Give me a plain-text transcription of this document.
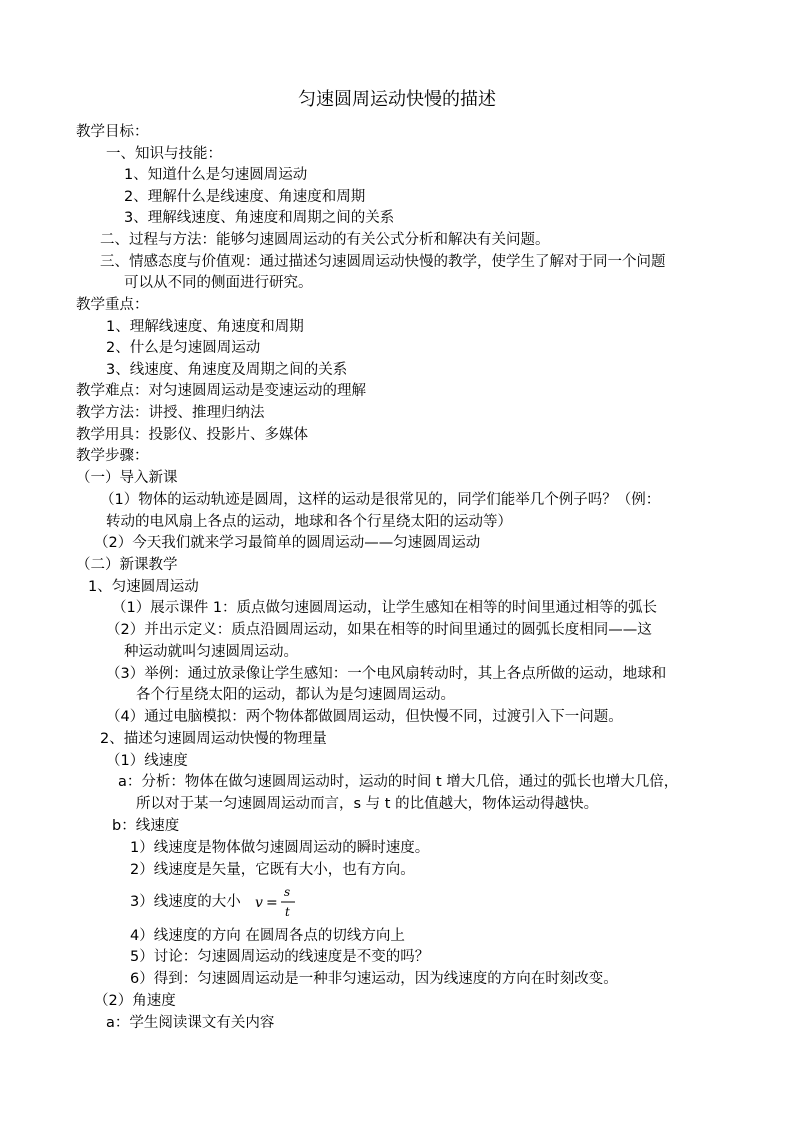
匀速圆周运动快慢的描述
教学目标：
一、知识与技能：
1、知道什么是匀速圆周运动
2、理解什么是线速度、角速度和周期
3、理解线速度、角速度和周期之间的关系
二、过程与方法：能够匀速圆周运动的有关公式分析和解决有关问题。
三、情感态度与价值观：通过描述匀速圆周运动快慢的教学，使学生了解对于同一个问题
可以从不同的侧面进行研究。
教学重点：
1、理解线速度、角速度和周期
2、什么是匀速圆周运动
3、线速度、角速度及周期之间的关系
教学难点：对匀速圆周运动是变速运动的理解
教学方法：讲授、推理归纳法
教学用具：投影仪、投影片、多媒体
教学步骤：
（一）导入新课
（1）物体的运动轨迹是圆周，这样的运动是很常见的，同学们能举几个例子吗？（例：
转动的电风扇上各点的运动，地球和各个行星绕太阳的运动等）
（2）今天我们就来学习最简单的圆周运动——匀速圆周运动
（二）新课教学
1、匀速圆周运动
（1）展示课件 1：质点做匀速圆周运动，让学生感知在相等的时间里通过相等的弧长
（2）并出示定义：质点沿圆周运动，如果在相等的时间里通过的圆弧长度相同——这
种运动就叫匀速圆周运动。
（3）举例：通过放录像让学生感知：一个电风扇转动时，其上各点所做的运动，地球和
各个行星绕太阳的运动，都认为是匀速圆周运动。
（4）通过电脑模拟：两个物体都做圆周运动，但快慢不同，过渡引入下一问题。
2、描述匀速圆周运动快慢的物理量
（1）线速度
a：分析：物体在做匀速圆周运动时，运动的时间 t 增大几倍，通过的弧长也增大几倍，
所以对于某一匀速圆周运动而言，s 与 t 的比值越大，物体运动得越快。
b：线速度
1）线速度是物体做匀速圆周运动的瞬时速度。
2）线速度是矢量，它既有大小，也有方向。
3）线速度的大小 v =
s
t
4）线速度的方向 在圆周各点的切线方向上
5）讨论：匀速圆周运动的线速度是不变的吗？
6）得到：匀速圆周运动是一种非匀速运动，因为线速度的方向在时刻改变。
（2）角速度
a：学生阅读课文有关内容
